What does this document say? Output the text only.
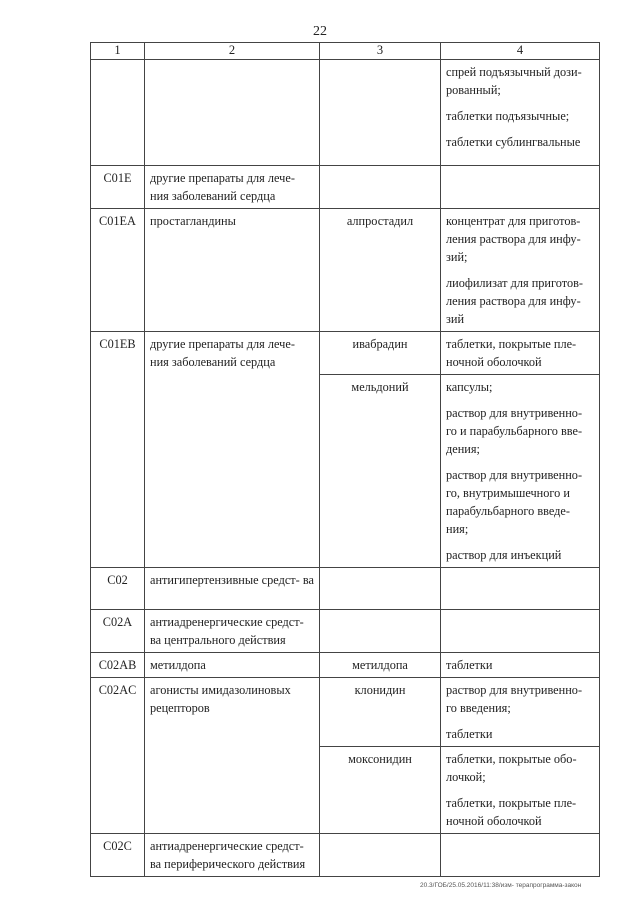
22
1	2	3	4

			спрей подъязычный дози- рованный;
таблетки подъязычные;
таблетки сублингвальные

C01E	другие препараты для лече- ния заболеваний сердца		
C01EA	простагландины	алпростадил	концентрат для приготов- ления раствора для инфу- зий;
лиофилизат для приготов- ления раствора для инфу- зий

C01EB	другие препараты для лече- ния заболеваний сердца	ивабрадин	таблетки, покрытые пле- ночной оболочкой

		мельдоний	капсулы;
раствор для внутривенно- го и парабульбарного вве- дения;
раствор для внутривенно- го, внутримышечного и парабульбарного введе- ния;
раствор для инъекций

C02	антигипертензивные средст- ва		
C02A	антиадренергические средст- ва центрального действия		
C02AB	метилдопа	метилдопа	таблетки

C02AC	агонисты имидазолиновых рецепторов	клонидин	раствор для внутривенно- го введения;
таблетки

		моксонидин	таблетки, покрытые обо- лочкой;
таблетки, покрытые пле- ночной оболочкой

C02C	антиадренергические средст- ва периферического действия		
20.3/ГОБ/25.05.2016/11:38/изм- терапрограмма-закон
